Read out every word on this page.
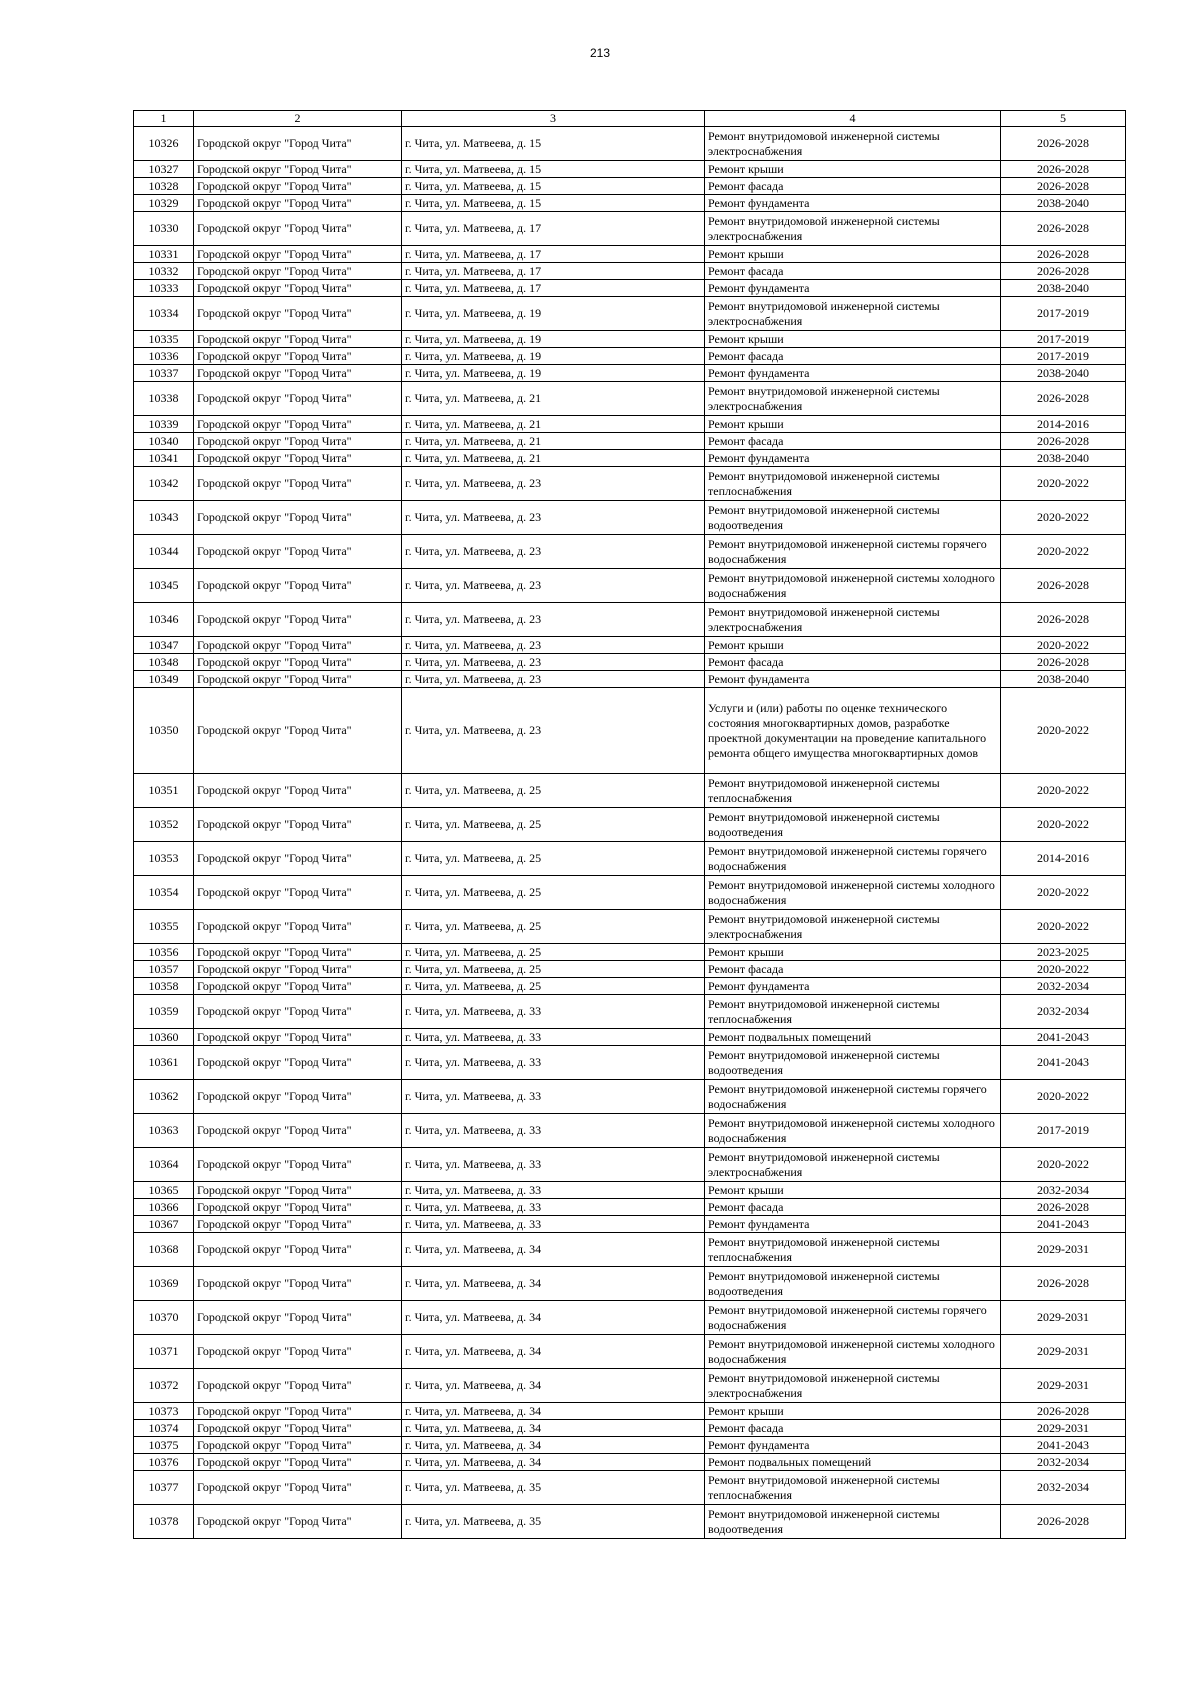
213
1	2	3	4	5
10326	Городской округ "Город Чита"	г. Чита, ул. Матвеева, д. 15	Ремонт внутридомовой инженерной системы электроснабжения	2026-2028
10327	Городской округ "Город Чита"	г. Чита, ул. Матвеева, д. 15	Ремонт крыши	2026-2028
10328	Городской округ "Город Чита"	г. Чита, ул. Матвеева, д. 15	Ремонт фасада	2026-2028
10329	Городской округ "Город Чита"	г. Чита, ул. Матвеева, д. 15	Ремонт фундамента	2038-2040
10330	Городской округ "Город Чита"	г. Чита, ул. Матвеева, д. 17	Ремонт внутридомовой инженерной системы электроснабжения	2026-2028
10331	Городской округ "Город Чита"	г. Чита, ул. Матвеева, д. 17	Ремонт крыши	2026-2028
10332	Городской округ "Город Чита"	г. Чита, ул. Матвеева, д. 17	Ремонт фасада	2026-2028
10333	Городской округ "Город Чита"	г. Чита, ул. Матвеева, д. 17	Ремонт фундамента	2038-2040
10334	Городской округ "Город Чита"	г. Чита, ул. Матвеева, д. 19	Ремонт внутридомовой инженерной системы электроснабжения	2017-2019
10335	Городской округ "Город Чита"	г. Чита, ул. Матвеева, д. 19	Ремонт крыши	2017-2019
10336	Городской округ "Город Чита"	г. Чита, ул. Матвеева, д. 19	Ремонт фасада	2017-2019
10337	Городской округ "Город Чита"	г. Чита, ул. Матвеева, д. 19	Ремонт фундамента	2038-2040
10338	Городской округ "Город Чита"	г. Чита, ул. Матвеева, д. 21	Ремонт внутридомовой инженерной системы электроснабжения	2026-2028
10339	Городской округ "Город Чита"	г. Чита, ул. Матвеева, д. 21	Ремонт крыши	2014-2016
10340	Городской округ "Город Чита"	г. Чита, ул. Матвеева, д. 21	Ремонт фасада	2026-2028
10341	Городской округ "Город Чита"	г. Чита, ул. Матвеева, д. 21	Ремонт фундамента	2038-2040
10342	Городской округ "Город Чита"	г. Чита, ул. Матвеева, д. 23	Ремонт внутридомовой инженерной системы теплоснабжения	2020-2022
10343	Городской округ "Город Чита"	г. Чита, ул. Матвеева, д. 23	Ремонт внутридомовой инженерной системы водоотведения	2020-2022
10344	Городской округ "Город Чита"	г. Чита, ул. Матвеева, д. 23	Ремонт внутридомовой инженерной системы горячего водоснабжения	2020-2022
10345	Городской округ "Город Чита"	г. Чита, ул. Матвеева, д. 23	Ремонт внутридомовой инженерной системы холодного водоснабжения	2026-2028
10346	Городской округ "Город Чита"	г. Чита, ул. Матвеева, д. 23	Ремонт внутридомовой инженерной системы электроснабжения	2026-2028
10347	Городской округ "Город Чита"	г. Чита, ул. Матвеева, д. 23	Ремонт крыши	2020-2022
10348	Городской округ "Город Чита"	г. Чита, ул. Матвеева, д. 23	Ремонт фасада	2026-2028
10349	Городской округ "Город Чита"	г. Чита, ул. Матвеева, д. 23	Ремонт фундамента	2038-2040
10350	Городской округ "Город Чита"	г. Чита, ул. Матвеева, д. 23	Услуги и (или) работы по оценке технического состояния многоквартирных домов, разработке проектной документации на проведение капитального ремонта общего имущества многоквартирных домов	2020-2022
10351	Городской округ "Город Чита"	г. Чита, ул. Матвеева, д. 25	Ремонт внутридомовой инженерной системы теплоснабжения	2020-2022
10352	Городской округ "Город Чита"	г. Чита, ул. Матвеева, д. 25	Ремонт внутридомовой инженерной системы водоотведения	2020-2022
10353	Городской округ "Город Чита"	г. Чита, ул. Матвеева, д. 25	Ремонт внутридомовой инженерной системы горячего водоснабжения	2014-2016
10354	Городской округ "Город Чита"	г. Чита, ул. Матвеева, д. 25	Ремонт внутридомовой инженерной системы холодного водоснабжения	2020-2022
10355	Городской округ "Город Чита"	г. Чита, ул. Матвеева, д. 25	Ремонт внутридомовой инженерной системы электроснабжения	2020-2022
10356	Городской округ "Город Чита"	г. Чита, ул. Матвеева, д. 25	Ремонт крыши	2023-2025
10357	Городской округ "Город Чита"	г. Чита, ул. Матвеева, д. 25	Ремонт фасада	2020-2022
10358	Городской округ "Город Чита"	г. Чита, ул. Матвеева, д. 25	Ремонт фундамента	2032-2034
10359	Городской округ "Город Чита"	г. Чита, ул. Матвеева, д. 33	Ремонт внутридомовой инженерной системы теплоснабжения	2032-2034
10360	Городской округ "Город Чита"	г. Чита, ул. Матвеева, д. 33	Ремонт подвальных помещений	2041-2043
10361	Городской округ "Город Чита"	г. Чита, ул. Матвеева, д. 33	Ремонт внутридомовой инженерной системы водоотведения	2041-2043
10362	Городской округ "Город Чита"	г. Чита, ул. Матвеева, д. 33	Ремонт внутридомовой инженерной системы горячего водоснабжения	2020-2022
10363	Городской округ "Город Чита"	г. Чита, ул. Матвеева, д. 33	Ремонт внутридомовой инженерной системы холодного водоснабжения	2017-2019
10364	Городской округ "Город Чита"	г. Чита, ул. Матвеева, д. 33	Ремонт внутридомовой инженерной системы электроснабжения	2020-2022
10365	Городской округ "Город Чита"	г. Чита, ул. Матвеева, д. 33	Ремонт крыши	2032-2034
10366	Городской округ "Город Чита"	г. Чита, ул. Матвеева, д. 33	Ремонт фасада	2026-2028
10367	Городской округ "Город Чита"	г. Чита, ул. Матвеева, д. 33	Ремонт фундамента	2041-2043
10368	Городской округ "Город Чита"	г. Чита, ул. Матвеева, д. 34	Ремонт внутридомовой инженерной системы теплоснабжения	2029-2031
10369	Городской округ "Город Чита"	г. Чита, ул. Матвеева, д. 34	Ремонт внутридомовой инженерной системы водоотведения	2026-2028
10370	Городской округ "Город Чита"	г. Чита, ул. Матвеева, д. 34	Ремонт внутридомовой инженерной системы горячего водоснабжения	2029-2031
10371	Городской округ "Город Чита"	г. Чита, ул. Матвеева, д. 34	Ремонт внутридомовой инженерной системы холодного водоснабжения	2029-2031
10372	Городской округ "Город Чита"	г. Чита, ул. Матвеева, д. 34	Ремонт внутридомовой инженерной системы электроснабжения	2029-2031
10373	Городской округ "Город Чита"	г. Чита, ул. Матвеева, д. 34	Ремонт крыши	2026-2028
10374	Городской округ "Город Чита"	г. Чита, ул. Матвеева, д. 34	Ремонт фасада	2029-2031
10375	Городской округ "Город Чита"	г. Чита, ул. Матвеева, д. 34	Ремонт фундамента	2041-2043
10376	Городской округ "Город Чита"	г. Чита, ул. Матвеева, д. 34	Ремонт подвальных помещений	2032-2034
10377	Городской округ "Город Чита"	г. Чита, ул. Матвеева, д. 35	Ремонт внутридомовой инженерной системы теплоснабжения	2032-2034
10378	Городской округ "Город Чита"	г. Чита, ул. Матвеева, д. 35	Ремонт внутридомовой инженерной системы водоотведения	2026-2028
